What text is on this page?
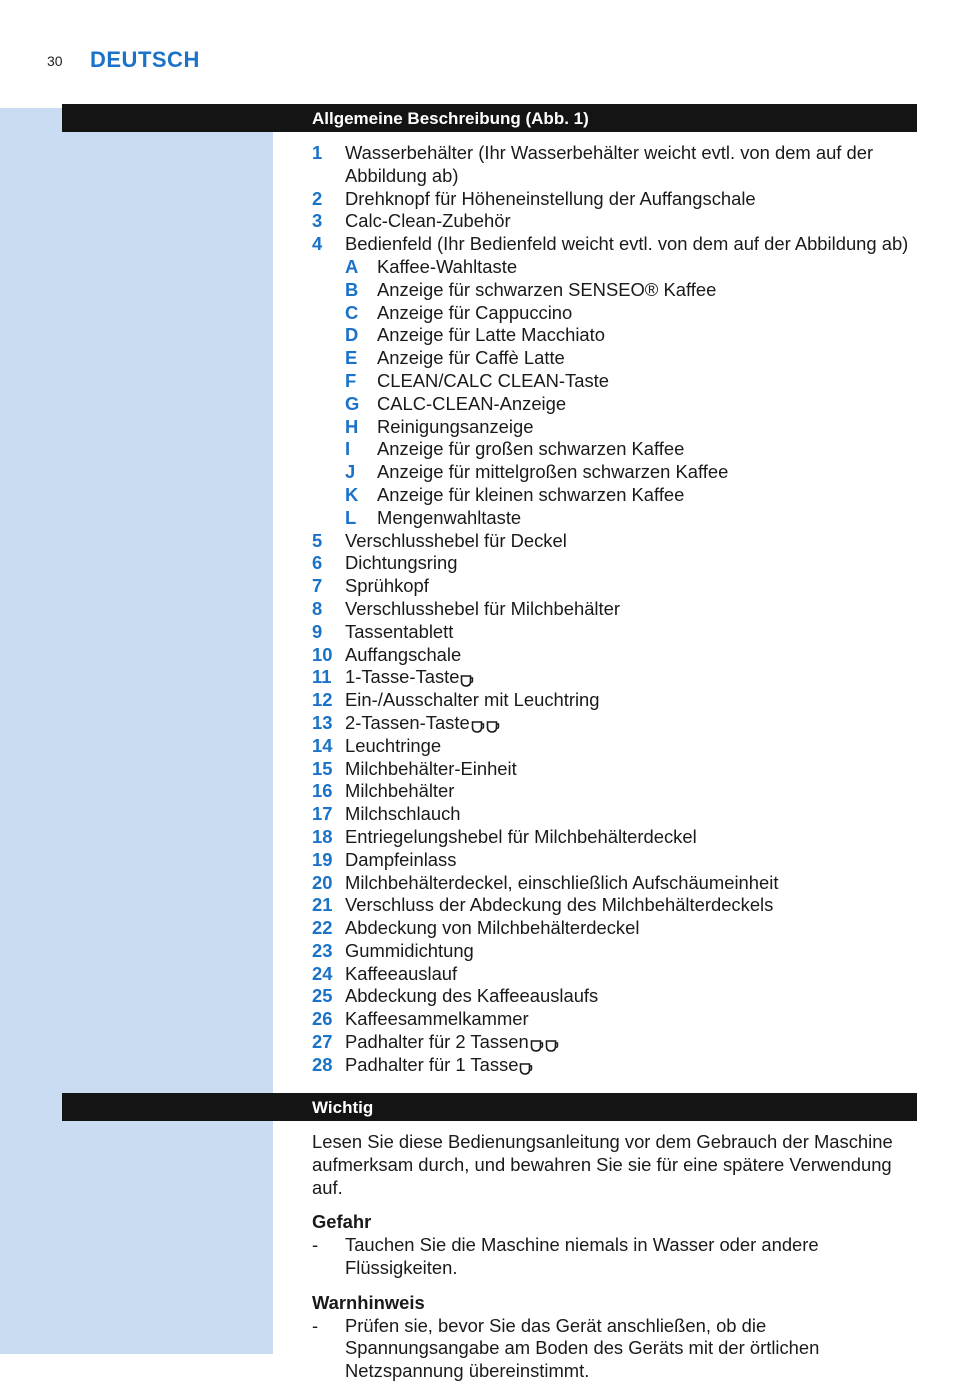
30 DEUTSCH
Allgemeine Beschreibung (Abb. 1)
1	Wasserbehälter (Ihr Wasserbehälter weicht evtl. von dem auf der Abbildung ab)
2	Drehknopf für Höheneinstellung der Auffangschale
3	Calc-Clean-Zubehör
4	Bedienfeld (Ihr Bedienfeld weicht evtl. von dem auf der Abbildung ab)
A	Kaffee-Wahltaste
B	Anzeige für schwarzen SENSEO® Kaffee
C	Anzeige für Cappuccino
D	Anzeige für Latte Macchiato
E	Anzeige für Caffè Latte
F	CLEAN/CALC CLEAN-Taste
G CALC-CLEAN-Anzeige
H	Reinigungsanzeige
I	Anzeige für großen schwarzen Kaffee
J	Anzeige für mittelgroßen schwarzen Kaffee
K	Anzeige für kleinen schwarzen Kaffee
L	Mengenwahltaste
5	Verschlusshebel für Deckel
6	Dichtungsring
7	Sprühkopf
8	Verschlusshebel für Milchbehälter
9	Tassentablett
10 Auffangschale
11 1-Tasse-Taste
12 Ein-/Ausschalter mit Leuchtring
13 2-Tassen-Taste
14 Leuchtringe
15 Milchbehälter-Einheit
16 Milchbehälter
17 Milchschlauch
18 Entriegelungshebel für Milchbehälterdeckel
19 Dampfeinlass
20 Milchbehälterdeckel, einschließlich Aufschäumeinheit
21 Verschluss der Abdeckung des Milchbehälterdeckels
22 Abdeckung von Milchbehälterdeckel
23 Gummidichtung
24 Kaffeeauslauf
25 Abdeckung des Kaffeeauslaufs
26 Kaffeesammelkammer
27 Padhalter für 2 Tassen
28 Padhalter für 1 Tasse
Wichtig

Lesen Sie diese Bedienungsanleitung vor dem Gebrauch der Maschine aufmerksam durch, und bewahren Sie sie für eine spätere Verwendung auf.

Gefahr
-	Tauchen Sie die Maschine niemals in Wasser oder andere Flüssigkeiten.
Warnhinweis
-	Prüfen sie, bevor Sie das Gerät anschließen, ob die Spannungsangabe am Boden des Geräts mit der örtlichen Netzspannung übereinstimmt.
